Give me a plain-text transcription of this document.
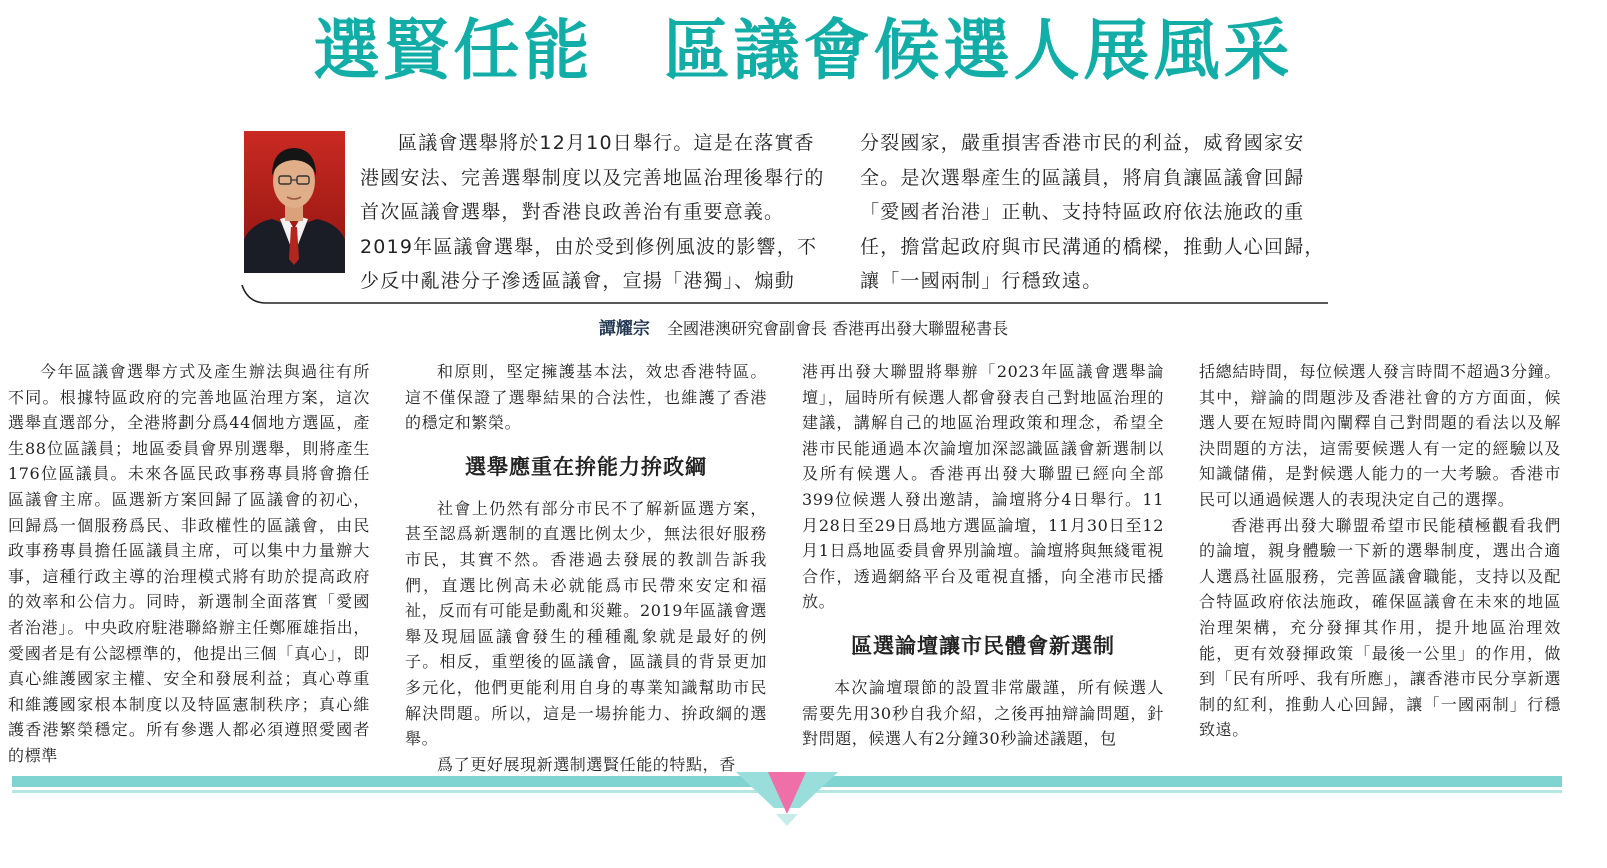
選賢任能　區議會候選人展風采

區議會選舉將於12月10日舉行。這是在落實香港國安法、完善選舉制度以及完善地區治理後舉行的首次區議會選舉，對香港良政善治有重要意義。2019年區議會選舉，由於受到修例風波的影響，不少反中亂港分子滲透區議會，宣揚「港獨」、煽動

分裂國家，嚴重損害香港市民的利益，威脅國家安全。是次選舉產生的區議員，將肩負讓區議會回歸「愛國者治港」正軌、支持特區政府依法施政的重任，擔當起政府與市民溝通的橋樑，推動人心回歸，讓「一國兩制」行穩致遠。

譚耀宗 全國港澳研究會副會長 香港再出發大聯盟秘書長

今年區議會選舉方式及產生辦法與過往有所不同。根據特區政府的完善地區治理方案，這次選舉直選部分，全港將劃分爲44個地方選區，產生88位區議員；地區委員會界別選舉，則將產生176位區議員。未來各區民政事務專員將會擔任區議會主席。區選新方案回歸了區議會的初心，回歸爲一個服務爲民、非政權性的區議會，由民政事務專員擔任區議員主席，可以集中力量辦大事，這種行政主導的治理模式將有助於提高政府的效率和公信力。同時，新選制全面落實「愛國者治港」。中央政府駐港聯絡辦主任鄭雁雄指出，愛國者是有公認標準的，他提出三個「真心」，即真心維護國家主權、安全和發展利益；真心尊重和維護國家根本制度以及特區憲制秩序；真心維護香港繁榮穩定。所有參選人都必須遵照愛國者的標準

和原則，堅定擁護基本法，效忠香港特區。這不僅保證了選舉結果的合法性，也維護了香港的穩定和繁榮。

選舉應重在拚能力拚政綱

社會上仍然有部分市民不了解新區選方案，甚至認爲新選制的直選比例太少，無法很好服務市民，其實不然。香港過去發展的教訓告訴我們，直選比例高未必就能爲市民帶來安定和福祉，反而有可能是動亂和災難。2019年區議會選舉及現屆區議會發生的種種亂象就是最好的例子。相反，重塑後的區議會，區議員的背景更加多元化，他們更能利用自身的專業知識幫助市民解決問題。所以，這是一場拚能力、拚政綱的選舉。

爲了更好展現新選制選賢任能的特點，香

港再出發大聯盟將舉辦「2023年區議會選舉論壇」，屆時所有候選人都會發表自己對地區治理的建議，講解自己的地區治理政策和理念，希望全港市民能通過本次論壇加深認識區議會新選制以及所有候選人。香港再出發大聯盟已經向全部399位候選人發出邀請，論壇將分4日舉行。11月28日至29日爲地方選區論壇，11月30日至12月1日爲地區委員會界別論壇。論壇將與無綫電視合作，透過網絡平台及電視直播，向全港市民播放。

區選論壇讓市民體會新選制

本次論壇環節的設置非常嚴謹，所有候選人需要先用30秒自我介紹，之後再抽辯論問題，針對問題，候選人有2分鐘30秒論述議題，包

括總結時間，每位候選人發言時間不超過3分鐘。其中，辯論的問題涉及香港社會的方方面面，候選人要在短時間內闡釋自己對問題的看法以及解決問題的方法，這需要候選人有一定的經驗以及知識儲備，是對候選人能力的一大考驗。香港市民可以通過候選人的表現決定自己的選擇。

香港再出發大聯盟希望市民能積極觀看我們的論壇，親身體驗一下新的選舉制度，選出合適人選爲社區服務，完善區議會職能，支持以及配合特區政府依法施政，確保區議會在未來的地區治理架構，充分發揮其作用，提升地區治理效能，更有效發揮政策「最後一公里」的作用，做到「民有所呼、我有所應」，讓香港市民分享新選制的紅利，推動人心回歸，讓「一國兩制」行穩致遠。
